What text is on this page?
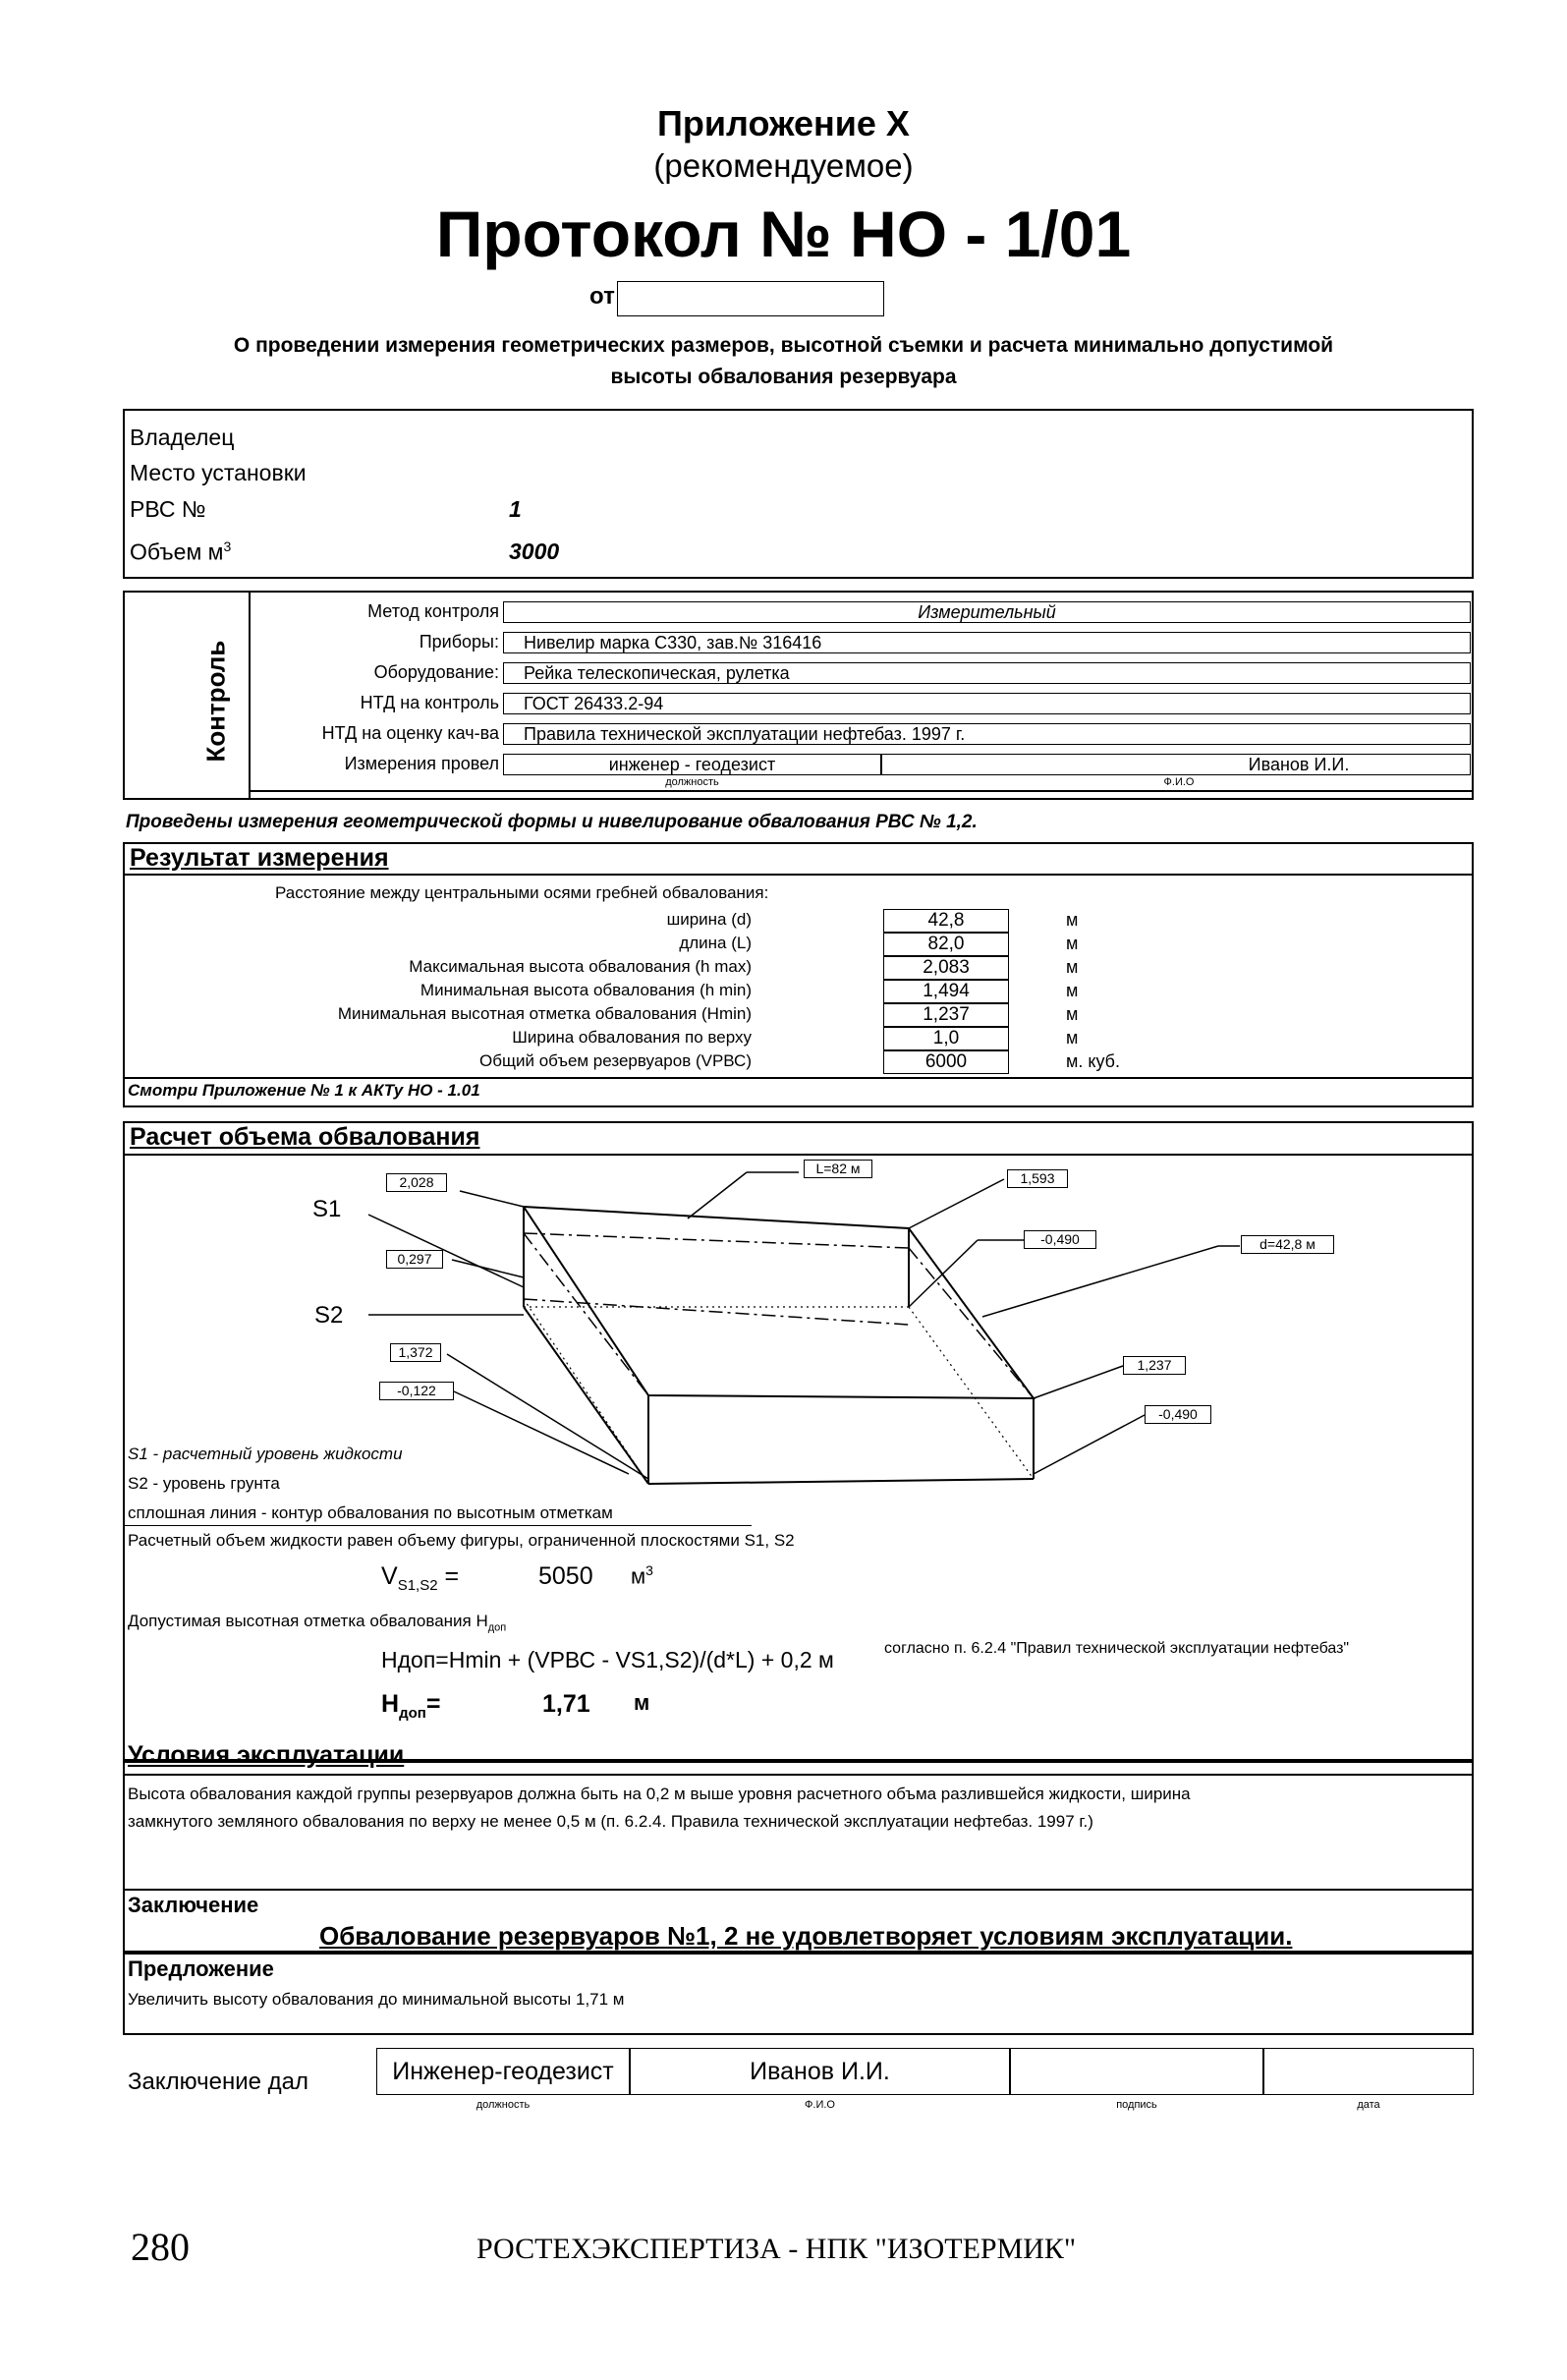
Приложение Х
(рекомендуемое)
Протокол № НО - 1/01
от
О проведении измерения геометрических размеров, высотной съемки и расчета минимально допустимой
высоты обвалования резервуара
Владелец
Место установки
РВС №	1
Объем $м^3$	3000
Контроль
Метод контроля	Измерительный
Приборы:	Нивелир марка С330, зав.№ 316416
Оборудование:	Рейка телескопическая, рулетка
НТД на контроль	ГОСТ 26433.2-94
НТД на оценку кач-ва	Правила технической эксплуатации нефтебаз. 1997 г.
Измерения провел	инженер - геодезист	Иванов И.И.
должность	Ф.И.О
Проведены измерения геометрической формы и нивелирование обвалования РВС № 1,2.
Результат измерения
Расстояние между центральными осями гребней обвалования:
ширина (d)	42,8	м
длина (L)	82,0	м
Максимальная высота обвалования (h max)	2,083	м
Минимальная высота обвалования (h min)	1,494	м
Минимальная высотная отметка обвалования (Hmin)	1,237	м
Ширина обвалования по верху	1,0	м
Общий объем резервуаров (VРВС)	6000	м. куб.
Смотри Приложение № 1 к АКТу НО - 1.01
Расчет объема обвалования
S1
S2
2,028
0,297
1,372
-0,122
L=82 м
1,593
-0,490	d=42,8 м
1,237
-0,490
S1 - расчетный уровень жидкости
S2 - уровень грунта
сплошная линия - контур обвалования по высотным отметкам
Расчетный объем жидкости равен объему фигуры, ограниченной плоскостями S1, S2
$V_{S1,S2}$ =	5050 $м^3$
Допустимая высотная отметка обвалования $H_{доп}$
Hдоп=Hmin + (VРВС - VS1,S2)/(d*L) + 0,2 м	согласно п. 6.2.4 "Правил технической эксплуатации нефтебаз"
$H_{доп}=$	1,71 м
Условия эксплуатации
Высота обвалования каждой группы резервуаров должна быть на 0,2 м выше уровня расчетного объма разлившейся жидкости, ширина
замкнутого земляного обвалования по верху не менее 0,5 м (п. 6.2.4. Правила технической эксплуатации нефтебаз. 1997 г.)
Заключение
Обвалование резервуаров №1, 2 не удовлетворяет условиям эксплуатации.
Предложение
Увеличить высоту обвалования до минимальной высоты 1,71 м
Заключение дал	Инженер-геодезист	Иванов И.И.
должность	Ф.И.О	подпись	дата
280	РОСТЕХЭКСПЕРТИЗА - НПК "ИЗОТЕРМИК"
